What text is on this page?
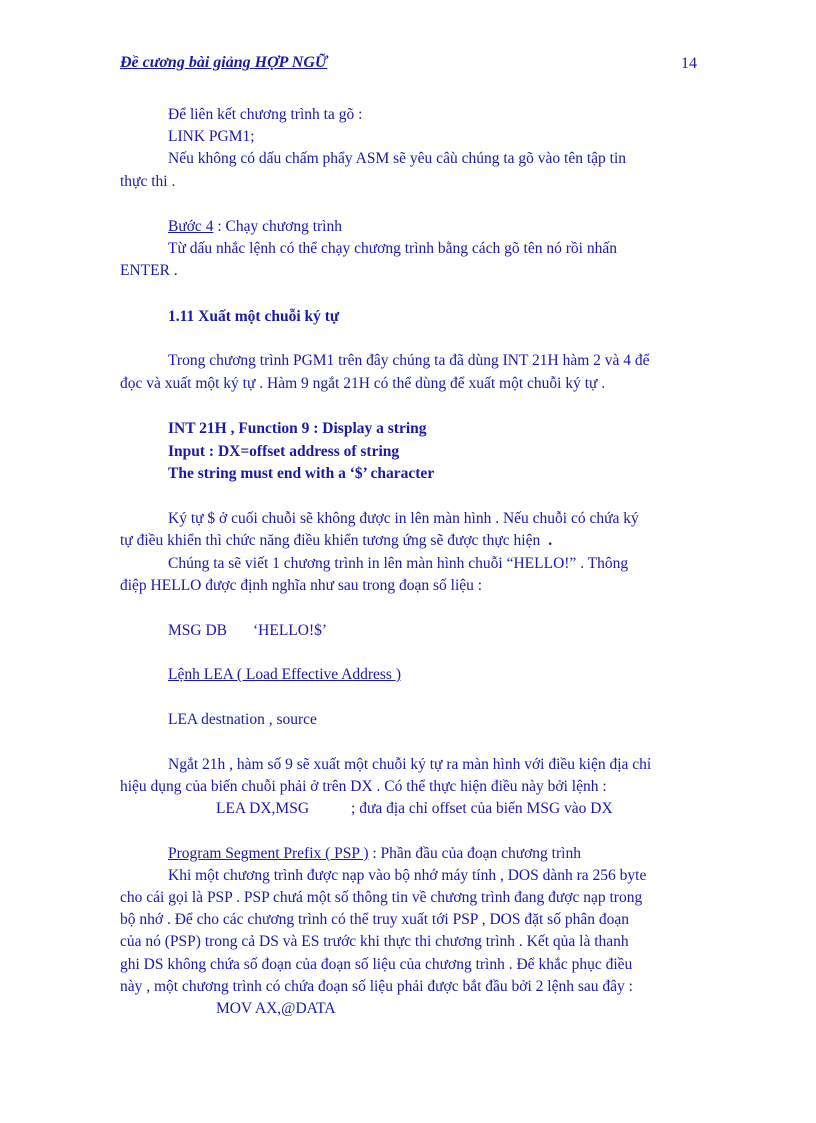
Đề cương bài giảng HỢP NGỮ	14
Để liên kết chương trình ta gõ :
LINK PGM1;
Nếu không có dấu chấm phẩy ASM sẽ yêu câù chúng ta gõ vào tên tập tin
thực thi .
Bước 4 : Chạy chương trình
Từ dấu nhắc lệnh có thể chạy chương trình bằng cách gõ tên nó rồi nhấn
ENTER .
1.11 Xuất một chuỗi ký tự
Trong chương trình PGM1 trên đây chúng ta đã dùng INT 21H hàm 2 và 4 để
đọc và xuất một ký tự . Hàm 9 ngắt 21H có thể dùng để xuất một chuỗi ký tự .
INT 21H , Function 9 : Display a string
Input : DX=offset address of string
The string must end with a ‘$’ character
Ký tự $ ở cuối chuỗi sẽ không được in lên màn hình . Nếu chuỗi có chứa ký
tự điều khiển thì chức năng điều khiển tương ứng sẽ được thực hiện .
Chúng ta sẽ viết 1 chương trình in lên màn hình chuỗi “HELLO!” . Thông
điệp HELLO được định nghĩa như sau trong đoạn số liệu :
MSG DB ‘HELLO!$’
Lệnh LEA ( Load Effective Address )
LEA destnation , source
Ngắt 21h , hàm số 9 sẽ xuất một chuỗi ký tự ra màn hình với điều kiện địa chỉ
hiệu dụng của biến chuỗi phải ở trên DX . Có thể thực hiện điều này bởi lệnh :
LEA DX,MSG	; đưa địa chỉ offset của biến MSG vào DX
Program Segment Prefix ( PSP ) : Phần đầu của đoạn chương trình
Khi một chương trình được nạp vào bộ nhớ máy tính , DOS dành ra 256 byte
cho cái gọi là PSP . PSP chưá một số thông tin về chương trình đang được nạp trong
bộ nhớ . Để cho các chương trình có thể truy xuất tới PSP , DOS đặt số phân đoạn
của nó (PSP) trong cả DS và ES trước khi thực thi chương trình . Kết qủa là thanh
ghi DS không chứa số đoạn của đoạn số liệu của chương trình . Để khắc phục điều
này , một chương trình có chứa đoạn số liệu phải được bắt đầu bởi 2 lệnh sau đây :
MOV AX,@DATA
